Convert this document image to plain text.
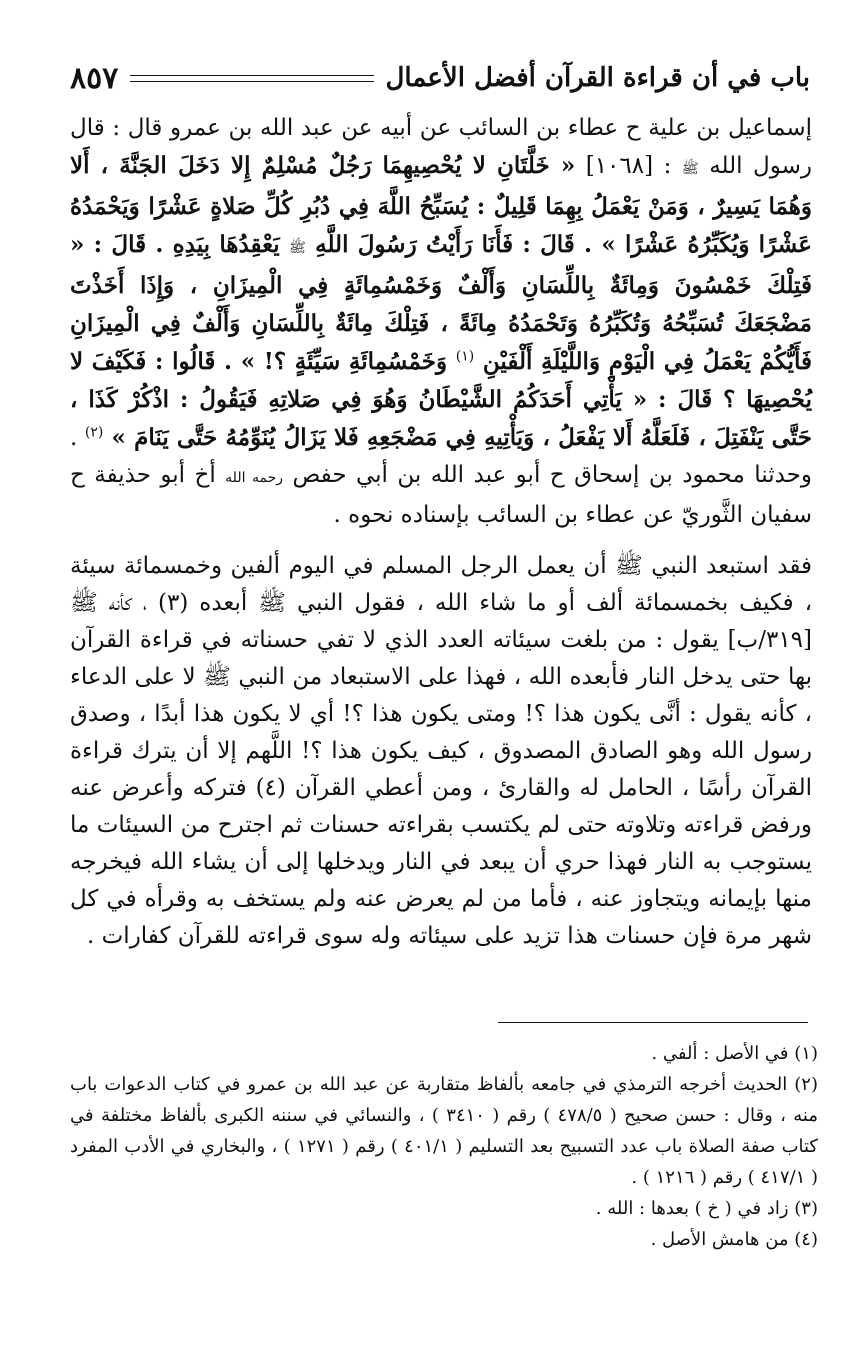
باب في أن قراءة القرآن أفضل الأعمال
٨٥٧

إسماعيل بن علية ح عطاء بن السائب عن أبيه عن عبد الله بن عمرو قال : قال رسول الله ﷺ : [١٠٦٨] « خَلَّتَانِ لا يُحْصِيهِمَا رَجُلٌ مُسْلِمٌ إِلا دَخَلَ الجَنَّةَ ، أَلا وَهُمَا يَسِيرٌ ، وَمَنْ يَعْمَلُ بِهِمَا قَلِيلٌ : يُسَبِّحُ اللَّهَ فِي دُبُرِ كُلِّ صَلاةٍ عَشْرًا وَيَحْمَدُهُ عَشْرًا وَيُكَبِّرُهُ عَشْرًا » . قَالَ : فَأَنَا رَأَيْتُ رَسُولَ اللَّهِ ﷺ يَعْقِدُهَا بِيَدِهِ . قَالَ : « فَتِلْكَ خَمْسُونَ وَمِائَةٌ بِاللِّسَانِ وَأَلْفٌ وَخَمْسُمِائَةٍ فِي الْمِيزَانِ ، وَإِذَا أَخَذْتَ مَضْجَعَكَ تُسَبِّحُهُ وَتُكَبِّرُهُ وَتَحْمَدُهُ مِائَةً ، فَتِلْكَ مِائَةٌ بِاللِّسَانِ وَأَلْفٌ فِي الْمِيزَانِ فَأَيُّكُمْ يَعْمَلُ فِي الْيَوْمِ وَاللَّيْلَةِ أَلْفَيْنِ $^{(١)}$ وَخَمْسُمِائَةِ سَيِّئَةٍ ؟! » . قَالُوا : فَكَيْفَ لا يُحْصِيهَا ؟ قَالَ : « يَأْتِي أَحَدَكُمُ الشَّيْطَانُ وَهُوَ فِي صَلاتِهِ فَيَقُولُ : اذْكُرْ كَذَا ، حَتَّى يَنْفَتِلَ ، فَلَعَلَّهُ أَلا يَفْعَلُ ، وَيَأْتِيهِ فِي مَضْجَعِهِ فَلا يَزَالُ يُنَوِّمُهُ حَتَّى يَنَامَ » $^{(٢)}$ . وحدثنا محمود بن إسحاق ح أبو عبد الله بن أبي حفص رحمه الله أخ أبو حذيفة ح سفيان الثَّوريّ عن عطاء بن السائب بإسناده نحوه .

فقد استبعد النبي ﷺ أن يعمل الرجل المسلم في اليوم ألفين وخمسمائة سيئة ، فكيف بخمسمائة ألف أو ما شاء الله ، فقول النبي ﷺ أبعده (٣) ، كأنه ﷺ [٣١٩/ب] يقول : من بلغت سيئاته العدد الذي لا تفي حسناته في قراءة القرآن بها حتى يدخل النار فأبعده الله ، فهذا على الاستبعاد من النبي ﷺ لا على الدعاء ، كأنه يقول : أنَّى يكون هذا ؟! ومتى يكون هذا ؟! أي لا يكون هذا أبدًا ، وصدق رسول الله وهو الصادق المصدوق ، كيف يكون هذا ؟! اللَّهم إلا أن يترك قراءة القرآن رأسًا ، الحامل له والقارئ ، ومن أعطي القرآن (٤) فتركه وأعرض عنه ورفض قراءته وتلاوته حتى لم يكتسب بقراءته حسنات ثم اجترح من السيئات ما يستوجب به النار فهذا حري أن يبعد في النار ويدخلها إلى أن يشاء الله فيخرجه منها بإيمانه ويتجاوز عنه ، فأما من لم يعرض عنه ولم يستخف به وقرأه في كل شهر مرة فإن حسنات هذا تزيد على سيئاته وله سوى قراءته للقرآن كفارات .

(١) في الأصل : ألفي .

(٢) الحديث أخرجه الترمذي في جامعه بألفاظ متقاربة عن عبد الله بن عمرو في كتاب الدعوات باب منه ، وقال : حسن صحيح ( ٤٧٨/٥ ) رقم ( ٣٤١٠ ) ، والنسائي في سننه الكبرى بألفاظ مختلفة في كتاب صفة الصلاة باب عدد التسبيح بعد التسليم ( ٤٠١/١ ) رقم ( ١٢٧١ ) ، والبخاري في الأدب المفرد ( ٤١٧/١ ) رقم ( ١٢١٦ ) .

(٣) زاد في ( خ ) بعدها : الله .

(٤) من هامش الأصل .
